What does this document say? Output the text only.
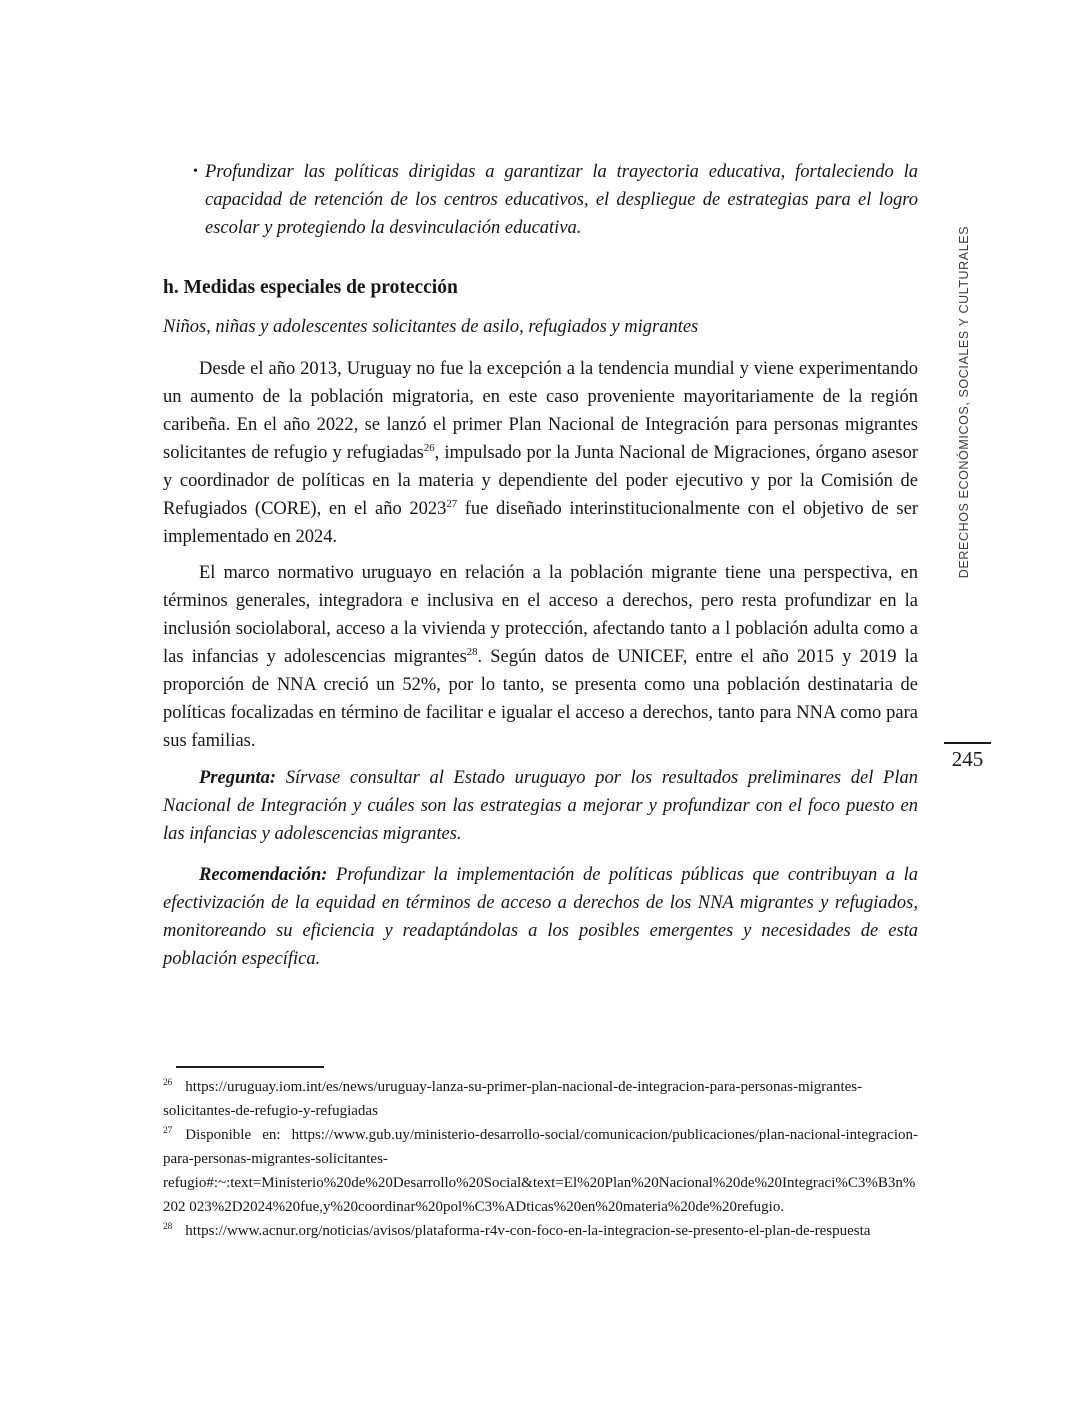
• Profundizar las políticas dirigidas a garantizar la trayectoria educativa, fortaleciendo la capacidad de retención de los centros educativos, el despliegue de estrategias para el logro escolar y protegiendo la desvinculación educativa.

h. Medidas especiales de protección

Niños, niñas y adolescentes solicitantes de asilo, refugiados y migrantes

Desde el año 2013, Uruguay no fue la excepción a la tendencia mundial y viene experimentando un aumento de la población migratoria, en este caso proveniente mayoritariamente de la región caribeña. En el año 2022, se lanzó el primer Plan Nacional de Integración para personas migrantes solicitantes de refugio y refugiadas$^{26}$, impulsado por la Junta Nacional de Migraciones, órgano asesor y coordinador de políticas en la materia y dependiente del poder ejecutivo y por la Comisión de Refugiados (CORE), en el año 2023$^{27}$ fue diseñado interinstitucionalmente con el objetivo de ser implementado en 2024.

El marco normativo uruguayo en relación a la población migrante tiene una perspectiva, en términos generales, integradora e inclusiva en el acceso a derechos, pero resta profundizar en la inclusión sociolaboral, acceso a la vivienda y protección, afectando tanto a l población adulta como a las infancias y adolescencias migrantes$^{28}$. Según datos de UNICEF, entre el año 2015 y 2019 la proporción de NNA creció un 52%, por lo tanto, se presenta como una población destinataria de políticas focalizadas en término de facilitar e igualar el acceso a derechos, tanto para NNA como para sus familias.

Pregunta: Sírvase consultar al Estado uruguayo por los resultados preliminares del Plan Nacional de Integración y cuáles son las estrategias a mejorar y profundizar con el foco puesto en las infancias y adolescencias migrantes.

Recomendación: Profundizar la implementación de políticas públicas que contribuyan a la efectivización de la equidad en términos de acceso a derechos de los NNA migrantes y refugiados, monitoreando su eficiencia y readaptándolas a los posibles emergentes y necesidades de esta población específica.

$^{26}$ https://uruguay.iom.int/es/news/uruguay-lanza-su-primer-plan-nacional-de-integracion-para-personas-migrantes- solicitantes-de-refugio-y-refugiadas

$^{27}$ Disponible en: https://www.gub.uy/ministerio-desarrollo-social/comunicacion/publicaciones/plan-nacional-integracion- para-personas-migrantes-solicitantes- refugio#:~:text=Ministerio%20de%20Desarrollo%20Social&text=El%20Plan%20Nacional%20de%20Integraci%C3%B3n%202 023%2D2024%20fue,y%20coordinar%20pol%C3%ADticas%20en%20materia%20de%20refugio.

$^{28}$ https://www.acnur.org/noticias/avisos/plataforma-r4v-con-foco-en-la-integracion-se-presento-el-plan-de-respuesta

DERECHOS ECONÓMICOS, SOCIALES Y CULTURALES
245
